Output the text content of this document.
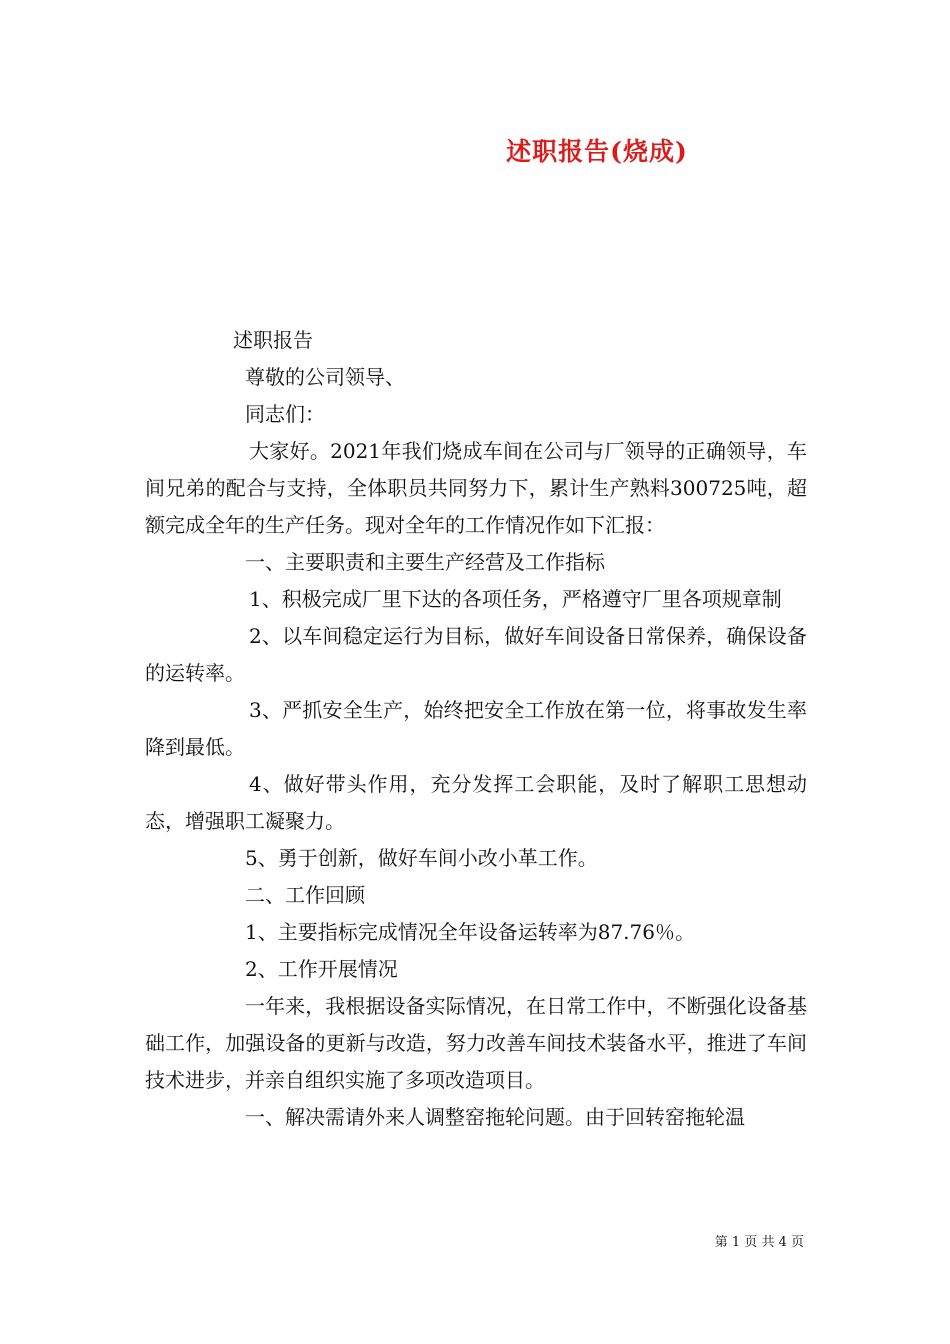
述职报告(烧成)

述职报告

尊敬的公司领导、

同志们：

大家好。2021年我们烧成车间在公司与厂领导的正确领导，车间兄弟的配合与支持，全体职员共同努力下，累计生产熟料300725吨，超额完成全年的生产任务。现对全年的工作情况作如下汇报：

一、主要职责和主要生产经营及工作指标

1、积极完成厂里下达的各项任务，严格遵守厂里各项规章制

2、以车间稳定运行为目标，做好车间设备日常保养，确保设备的运转率。

3、严抓安全生产，始终把安全工作放在第一位，将事故发生率降到最低。

4、做好带头作用，充分发挥工会职能，及时了解职工思想动态，增强职工凝聚力。

5、勇于创新，做好车间小改小革工作。

二、工作回顾

1、主要指标完成情况全年设备运转率为87.76％。

2、工作开展情况

一年来，我根据设备实际情况，在日常工作中，不断强化设备基础工作，加强设备的更新与改造，努力改善车间技术装备水平，推进了车间技术进步，并亲自组织实施了多项改造项目。

一、解决需请外来人调整窑拖轮问题。由于回转窑拖轮温

第 1 页 共 4 页
